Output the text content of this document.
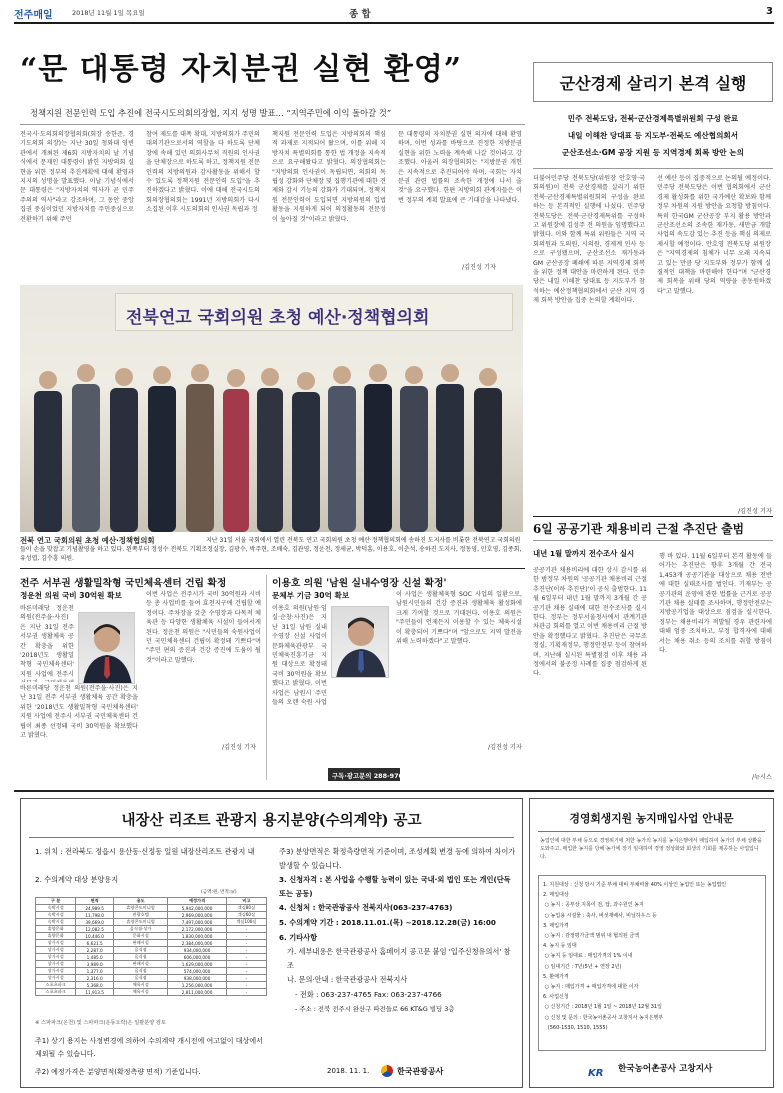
전주매일	2018년 11월 1일 목요일	종 합	3
“문 대통령 자치분권 실현 환영”
정책지원 전문인력 도입 추진에 전국시도의회의장협, 지지 성명 발표… “지역주민에 이익 돌아갈 것”
전국시·도의회의장협의회(회장 송한준, 경기도의회 의장)는 지난 30일 청와대 영빈관에서 개최된 제6회 지방자치의 날 기념식에서 문재인 대통령이 밝힌 지방의회 실현을 위한 정부의 추진계획에 대해 환영과 지지의 성명을 발표했다. 이날 기념식에서 문 대통령은 "지방자치의 역사가 곧 민주주의의 역사"라고 강조하며, 그 동안 중앙집권 중심이었던 지방자치를 주민중심으로 전환하기 위해 주민
참여 제도를 대폭 확대, 지방의회가 주민의 대의기관으로서의 역할을 다 하도록 단체장에 속해 있던 의회사무처 직원의 인사권을 단체장으로 하도록 하고, 정책지원 전문인력의 지방의원과 감사활동을 위해서 할 수 있도록 정책지원 전문인력 도입"을 추진하겠다고 밝혔다. 이에 대해 전국시도의회의장협의회는 1991년 지방의회가 다시 소집된 이후 시도의회의 인사권 독립과 정
책지원 전문인력 도입은 지방의회의 핵심적 과제로 지적되어 왔으며, 이를 위해 지방자치 특별의회를 통한 법 개정을 지속적으로 요구해왔다고 밝혔다. 의장협의회는 "지방의회 인사권이 독립되면, 의회의 독립성 강화와 단체장 및 집행기관에 대한 견제와 감시 기능의 강화가 기대되며, 정책지원 전문인력이 도입되면 지방의원의 입법활동을 지원하게 되어 의정활동의 전문성이 높아질 것"이라고 밝혔다.
문 대통령의 자치분권 실현 의지에 대해 환영하며, 이번 성과를 바탕으로 진정한 지방분권 실현을 위한 노력을 계속해 나갈 것이라고 강조했다. 아울러 의장협의회는 "지방분권 개헌은 지속적으로 추진되어야 하며, 국회는 자치분권 관련 법률의 조속한 개정에 나서 줄 것"을 요구했다. 한편 지방의회 관계자들은 이번 정부의 계획 발표에 큰 기대감을 나타냈다.
/김진성 기자
전북연고 국회의원 초청 예산·정책협의회
전북 연고 국회의원 초청 예산·정책협의회	지난 31일 서울 국회에서 열린 전북도 연고 국회의원 초청 예산·정책협의회에 송하진 도지사를 비롯한 전북연고 국회의원들이 손을 맞잡고 기념촬영을 하고 있다. 왼쪽부터 정성수 전북도 기획조정실장, 김광수, 박주현, 조배숙, 김관영, 정운천, 정세균, 박덕흠, 이용호, 이춘석, 송하진 도지사, 정동영, 안호영, 김종회, 유성엽, 김수흥 의원.
군산경제 살리기 본격 실행
민주 전북도당, 전북·군산경제특별위원회 구성 완료
내일 이해찬 당대표 등 지도부·전북도 예산협의회서
군산조선소·GM 공장 지원 등 지역경제 회복 방안 논의
더불어민주당 전북도당(위원장 안호영·국회의원)이 전북 군산경제를 살리기 위한 전북·군산경제특별위원회의 구성을 완료하는 등 본격적인 실행에 나섰다. 민주당 전북도당은 전북·군산경제특위를 구성하고 위원장에 김성주 전 의원을 임명했다고 밝혔다. 이와 함께 특위 위원들은 지역 국회의원과 도의원, 시의원, 경제계 인사 등으로 구성됐으며, 군산조선소 재가동과 GM 군산공장 폐쇄에 따른 지역경제 회복을 위한 정책 대안을 마련하게 된다. 민주당은 내일 이해찬 당대표 등 지도부가 참석하는 예산정책협의회에서 군산 지역 경제 회복 방안을 집중 논의할 계획이다.
선 예산 등이 집중적으로 논의될 예정이다. 민주당 전북도당은 이번 협의회에서 군산경제 활성화를 위한 국가예산 확보와 함께 정부 차원의 지원 방안을 요청할 방침이다. 특히 한국GM 군산공장 부지 활용 방안과 군산조선소의 조속한 재가동, 새만금 개발 사업의 속도감 있는 추진 등을 핵심 의제로 제시할 예정이다. 안호영 전북도당 위원장은 "지역경제의 침체가 너무 오래 지속되고 있는 만큼 당 지도부와 정부가 함께 실질적인 대책을 마련해야 한다"며 "군산경제 회복을 위해 당의 역량을 총동원하겠다"고 말했다.
/김진성 기자
6일 공공기관 채용비리 근절 추진단 출범
내년 1월 말까지 전수조사 실시
공공기관 채용비리에 대한 상시 감시를 위한 범정부 차원의 '공공기관 채용비리 근절 추진단(이하 추진단)'이 공식 출범한다. 11월 6일부터 내년 1월 말까지 3개월 간 공공기관 채용 실태에 대한 전수조사를 실시한다. 정부는 정부서울청사에서 관계기관 차관급 회의를 열고 이번 채용비리 근절 방안을 확정했다고 밝혔다. 추진단은 국무조정실, 기획재정부, 행정안전부 등이 참여하며, 지난해 실시된 특별점검 이후 채용 과정에서의 불공정 사례를 집중 점검하게 된다.
행 바 있다. 11월 6일부터 본격 활동에 들어가는 추진단은 향후 3개월 간 전국 1,453개 공공기관을 대상으로 채용 전반에 대한 실태조사를 벌인다. 기재부는 공공기관의 운영에 관한 법률을 근거로 공공기관 채용 실태를 조사하며, 행정안전부는 지방공기업을 대상으로 점검을 실시한다. 정부는 채용비리가 적발될 경우 관련자에 대해 엄중 조치하고, 부정 합격자에 대해서는 채용 취소 등의 조치를 취할 방침이다.
/뉴시스
전주 서부권 생활밀착형 국민체육센터 건립 확정
정운천 의원 국비 30억원 확보
바른미래당 정운천 의원(전주을·사진)은 지난 31일 전주 서부권 생활체육 공간 확충을 위한 '2018년도 생활밀착형 국민체육센터' 지원 사업에 전주시
바른미래당 정운천 의원(전주을·사진)은 지난 31일 전주 서부권 생활체육 공간 확충을 위한 '2018년도 생활밀착형 국민체육센터' 지원 사업에 전주시 서부권 국민체육센터 건립이 최종 선정돼 국비 30억원을 확보했다고 밝혔다.
이번 사업은 전주시가 국비 30억원과 시비 등 총 사업비를 들여 효천지구에 건립할 예정이다. 주차장을 갖춘 수영장과 다목적 체육관 등 다양한 생활체육 시설이 들어서게 된다. 정운천 의원은 "시민들의 숙원사업이던 국민체육센터 건립이 확정돼 기쁘다"며 "주민 편의 증진과 건강 증진에 도움이 될 것"이라고 말했다.
/김진성 기자
이용호 의원 '남원 실내수영장 신설 확정'
문체부 기금 30억 확보
이용호 의원(남원·임실·순창·사진)은 지난 31일 남원 실내수영장 신설 사업이 문화체육관광부 국민체육진흥기금 지원 대상으로 확정돼 국비 30억원을 확보했다고 밝혔다. 이번 사업은 남원시 주민들의 오랜 숙원 사업
이 사업은 생활체육형 SOC 사업의 일환으로, 남원시민들의 건강 증진과 생활체육 활성화에 크게 기여할 것으로 기대된다. 이용호 의원은 "주민들이 언제든지 이용할 수 있는 체육시설이 확충되어 기쁘다"며 "앞으로도 지역 발전을 위해 노력하겠다"고 말했다.
/김진성 기자
구독·광고문의 288-9700
내장산 리조트 관광지 용지분양(수의계약) 공고
1. 위치 : 전라북도 정읍시 용산동·신정동 일원 내장산리조트 관광지 내
2. 수의계약 대상 분양용지
(금액:원, 면적:㎡)
구 분	면적	용도	예정가격	비고
숙박시설	24,989.5	휴양콘도미니엄	5,942,000,000	객실80실
숙박시설	11,798.0	관광호텔	2,969,000,000	객실60실
숙박시설	39,669.0	휴양콘도미니엄	7,497,000,000	객실100실
휴양문화	12,082.5	음식점·상가	2,172,000,000	-
휴양문화	10,446.0	문화시설	1,830,000,000	-
상가시설	6,621.5	판매시설	2,384,000,000	-
상가시설	2,287.0	음식점	934,000,000	-
상가시설	1,485.0	음식점	606,000,000	-
상가시설	3,989.0	판매시설	1,629,000,000	-
상가시설	1,377.0	음식점	574,000,000	-
상가시설	2,316.0	음식점	938,000,000	-
스포츠파크	5,368.0	체육시설	1,256,000,000	-
스포츠파크	11,913.5	체육시설	2,811,000,000	-
※ 스파파크(온천) 및 스파파크(운동오락)은 일괄분양 검토
주1) 상기 용지는 사정변경에 의하여 수의계약 개시전에 여고없이 대상에서 제외될 수 있습니다.
주2) 예정가격은 분양면적(확정측량 면적) 기준입니다.
주3) 분양면적은 확정측량면적 기준이며, 조성계획 변경 등에 의하여 차이가 발생할 수 있습니다.
3. 신청자격 : 본 사업을 수행할 능력이 있는 국내·외 법인 또는 개인(단독 또는 공동)
4. 신청처 : 한국관광공사 전북지사(063-237-4763)
5. 수의계약 기간 : 2018.11.01.(목) ~2018.12.28(금) 16:00
6. 기타사항
가. 세부내용은 한국관광공사 홈페이지 공고문 붙임 '입주신청유의서' 참조
나. 문의·안내 : 한국관광공사 전북지사
- 전화 : 063-237-4765 Fax: 063-237-4766
- 주소 : 전북 전주시 완산구 따전들로 66 KT&G 빌딩 3층
2018. 11. 1.	한국관광공사
경영회생지원 농지매입사업 안내문
농업인에 대한 부채 등으로 경영위기에 처한 농가의 농지를 농지은행에서 매입하여 농가의 부채 상환을 도와주고, 매입한 농지를 당해 농가에 장기 임대하여 경영 정상화와 회생의 기회를 제공하는 사업입니다.
1. 지원대상 : 신청 당시 기준 부채 대비 부채비율 40% 이상인 농업인 또는 농업법인
2. 매입대상
○ 농지 : 공부상 지목이 전, 답, 과수원인 농지
○ 농업용 시설물 : 축사, 버섯재배사, 비닐하우스 등
3. 매입가격
○ 농지 : 감정평가금액 범위 내 협의된 금액
4. 농지 등 임대
○ 농지 등 임대료 : 매입가격의 1% 이내
○ 임대기간 : 7년(5년 + 연장 2년)
5. 환매가격
○ 농지 : 매입가격 + 매입가격에 대한 이자
6. 사업신청
○ 신청기간 : 2018년 1월 1일 ~ 2018년 12월 31일
○ 신청 및 문의 : 한국농어촌공사 고창지사 농지은행부
(560-1530, 1510, 1555)
KR	한국농어촌공사 고창지사
